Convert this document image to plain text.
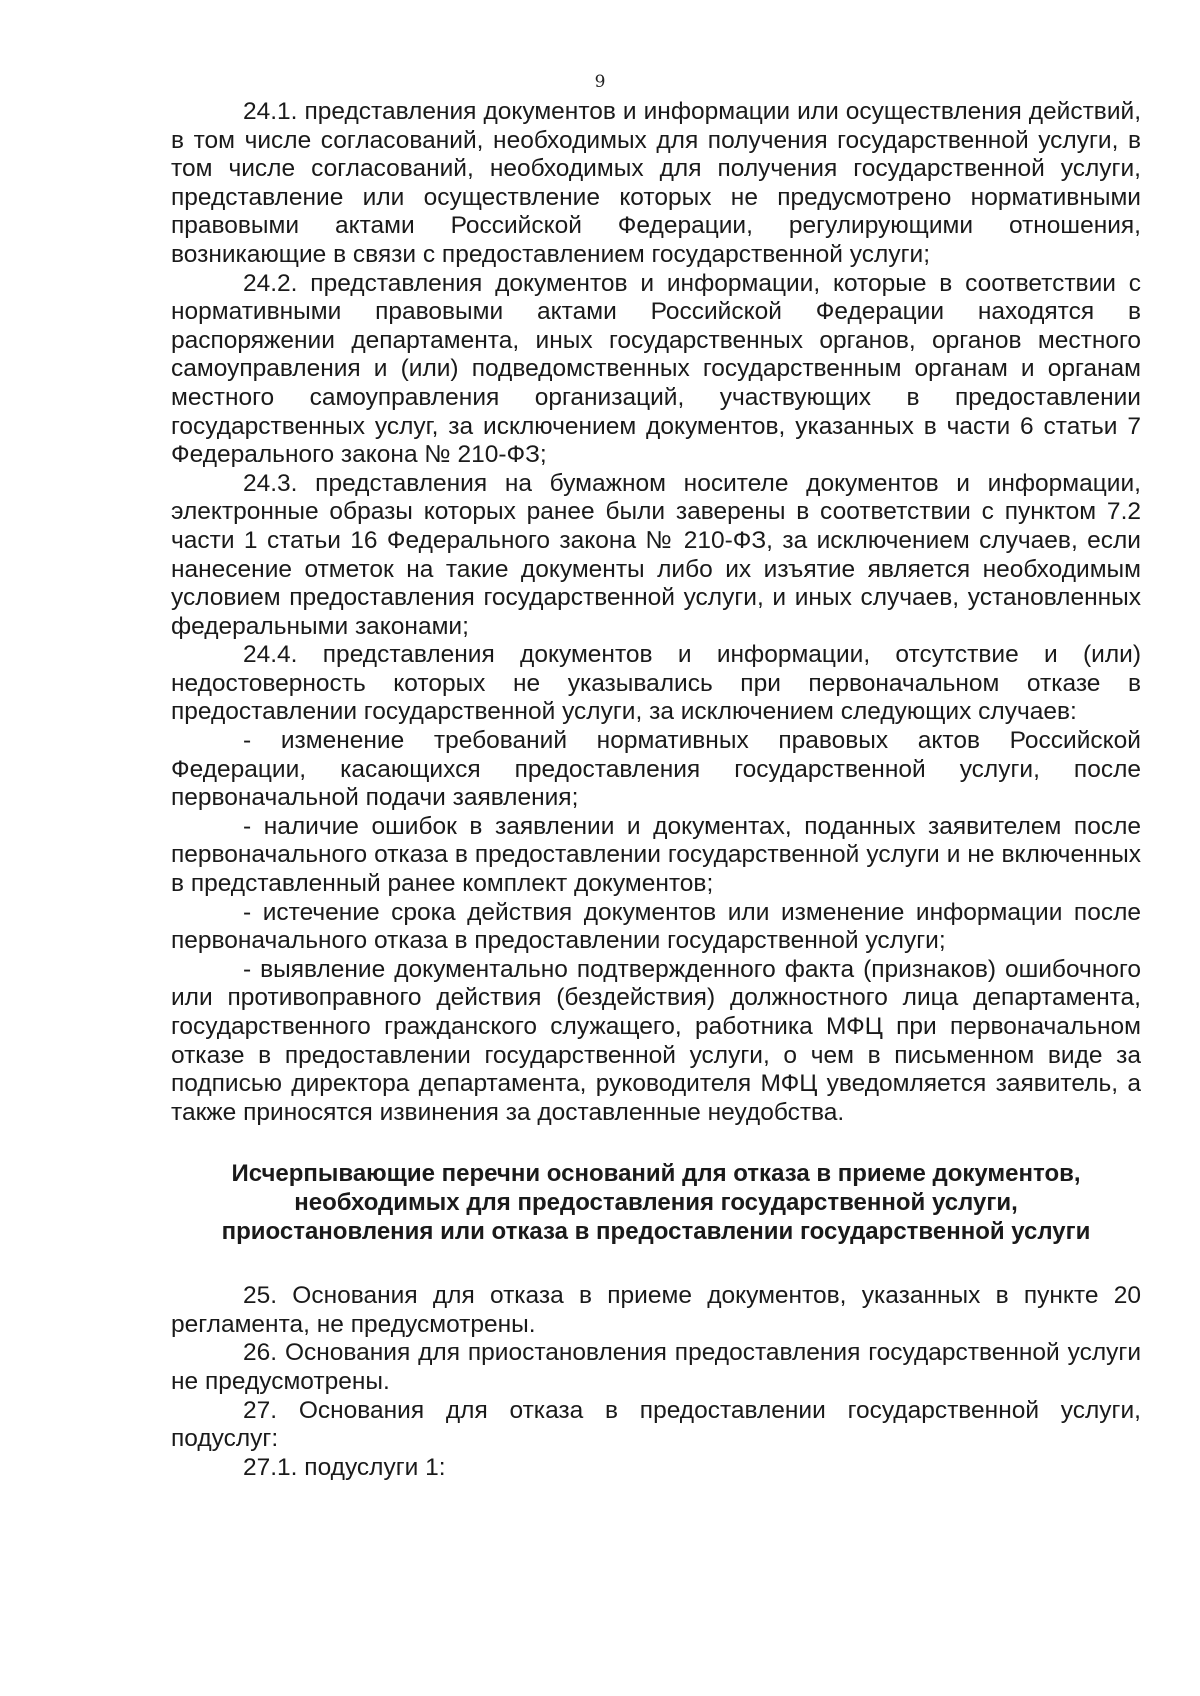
9

24.1. представления документов и информации или осуществления действий, в том числе согласований, необходимых для получения государственной услуги, в том числе согласований, необходимых для получения государственной услуги, представление или осуществление которых не предусмотрено нормативными правовыми актами Российской Федерации, регулирующими отношения, возникающие в связи с предоставлением государственной услуги;

24.2. представления документов и информации, которые в соответствии с нормативными правовыми актами Российской Федерации находятся в распоряжении департамента, иных государственных органов, органов местного самоуправления и (или) подведомственных государственным органам и органам местного самоуправления организаций, участвующих в предоставлении государственных услуг, за исключением документов, указанных в части 6 статьи 7 Федерального закона № 210-ФЗ;

24.3. представления на бумажном носителе документов и информации, электронные образы которых ранее были заверены в соответствии с пунктом 7.2 части 1 статьи 16 Федерального закона № 210-ФЗ, за исключением случаев, если нанесение отметок на такие документы либо их изъятие является необходимым условием предоставления государственной услуги, и иных случаев, установленных федеральными законами;

24.4. представления документов и информации, отсутствие и (или) недостоверность которых не указывались при первоначальном отказе в предоставлении государственной услуги, за исключением следующих случаев:

- изменение требований нормативных правовых актов Российской Федерации, касающихся предоставления государственной услуги, после первоначальной подачи заявления;

- наличие ошибок в заявлении и документах, поданных заявителем после первоначального отказа в предоставлении государственной услуги и не включенных в представленный ранее комплект документов;

- истечение срока действия документов или изменение информации после первоначального отказа в предоставлении государственной услуги;

- выявление документально подтвержденного факта (признаков) ошибочного или противоправного действия (бездействия) должностного лица департамента, государственного гражданского служащего, работника МФЦ при первоначальном отказе в предоставлении государственной услуги, о чем в письменном виде за подписью директора департамента, руководителя МФЦ уведомляется заявитель, а также приносятся извинения за доставленные неудобства.

Исчерпывающие перечни оснований для отказа в приеме документов,
необходимых для предоставления государственной услуги,
приостановления или отказа в предоставлении государственной услуги

25. Основания для отказа в приеме документов, указанных в пункте 20 регламента, не предусмотрены.

26. Основания для приостановления предоставления государственной услуги не предусмотрены.

27. Основания для отказа в предоставлении государственной услуги, подуслуг:

27.1. подуслуги 1:
